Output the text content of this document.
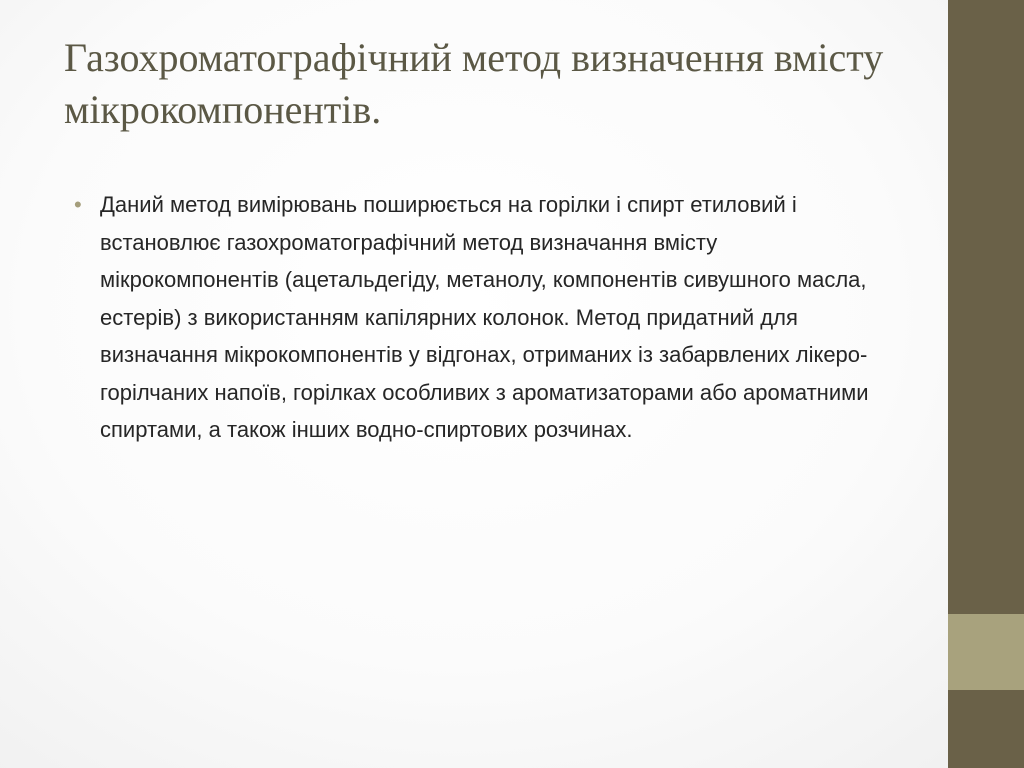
Газохроматографічний метод визначення вмісту мікрокомпонентів.
• Даний метод вимірювань поширюється на горілки і спирт етиловий і встановлює газохроматографічний метод визначання вмісту мікрокомпонентів (ацетальдегіду, метанолу, компонентів сивушного масла, естерів) з використанням капілярних колонок. Метод придатний для визначання мікрокомпонентів у відгонах, отриманих із забарвлених лікеро-горілчаних напоїв, горілках особливих з ароматизаторами або ароматними спиртами, а також інших водно-спиртових розчинах.
